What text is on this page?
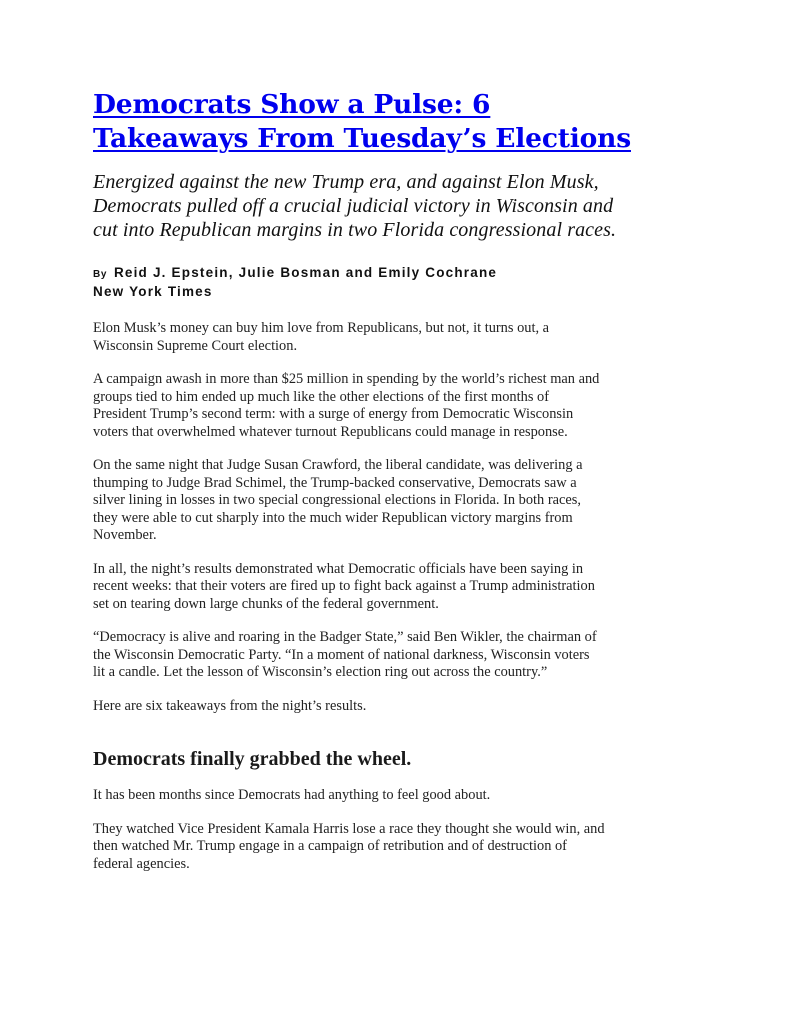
Democrats Show a Pulse: 6
Takeaways From Tuesday’s Elections
Energized against the new Trump era, and against Elon Musk,
Democrats pulled off a crucial judicial victory in Wisconsin and
cut into Republican margins in two Florida congressional races.
By Reid J. Epstein, Julie Bosman and Emily Cochrane
New York Times

Elon Musk’s money can buy him love from Republicans, but not, it turns out, a
Wisconsin Supreme Court election.

A campaign awash in more than $25 million in spending by the world’s richest man and
groups tied to him ended up much like the other elections of the first months of
President Trump’s second term: with a surge of energy from Democratic Wisconsin
voters that overwhelmed whatever turnout Republicans could manage in response.

On the same night that Judge Susan Crawford, the liberal candidate, was delivering a
thumping to Judge Brad Schimel, the Trump-backed conservative, Democrats saw a
silver lining in losses in two special congressional elections in Florida. In both races,
they were able to cut sharply into the much wider Republican victory margins from
November.

In all, the night’s results demonstrated what Democratic officials have been saying in
recent weeks: that their voters are fired up to fight back against a Trump administration
set on tearing down large chunks of the federal government.

“Democracy is alive and roaring in the Badger State,” said Ben Wikler, the chairman of
the Wisconsin Democratic Party. “In a moment of national darkness, Wisconsin voters
lit a candle. Let the lesson of Wisconsin’s election ring out across the country.”

Here are six takeaways from the night’s results.

Democrats finally grabbed the wheel.

It has been months since Democrats had anything to feel good about.

They watched Vice President Kamala Harris lose a race they thought she would win, and
then watched Mr. Trump engage in a campaign of retribution and of destruction of
federal agencies.
